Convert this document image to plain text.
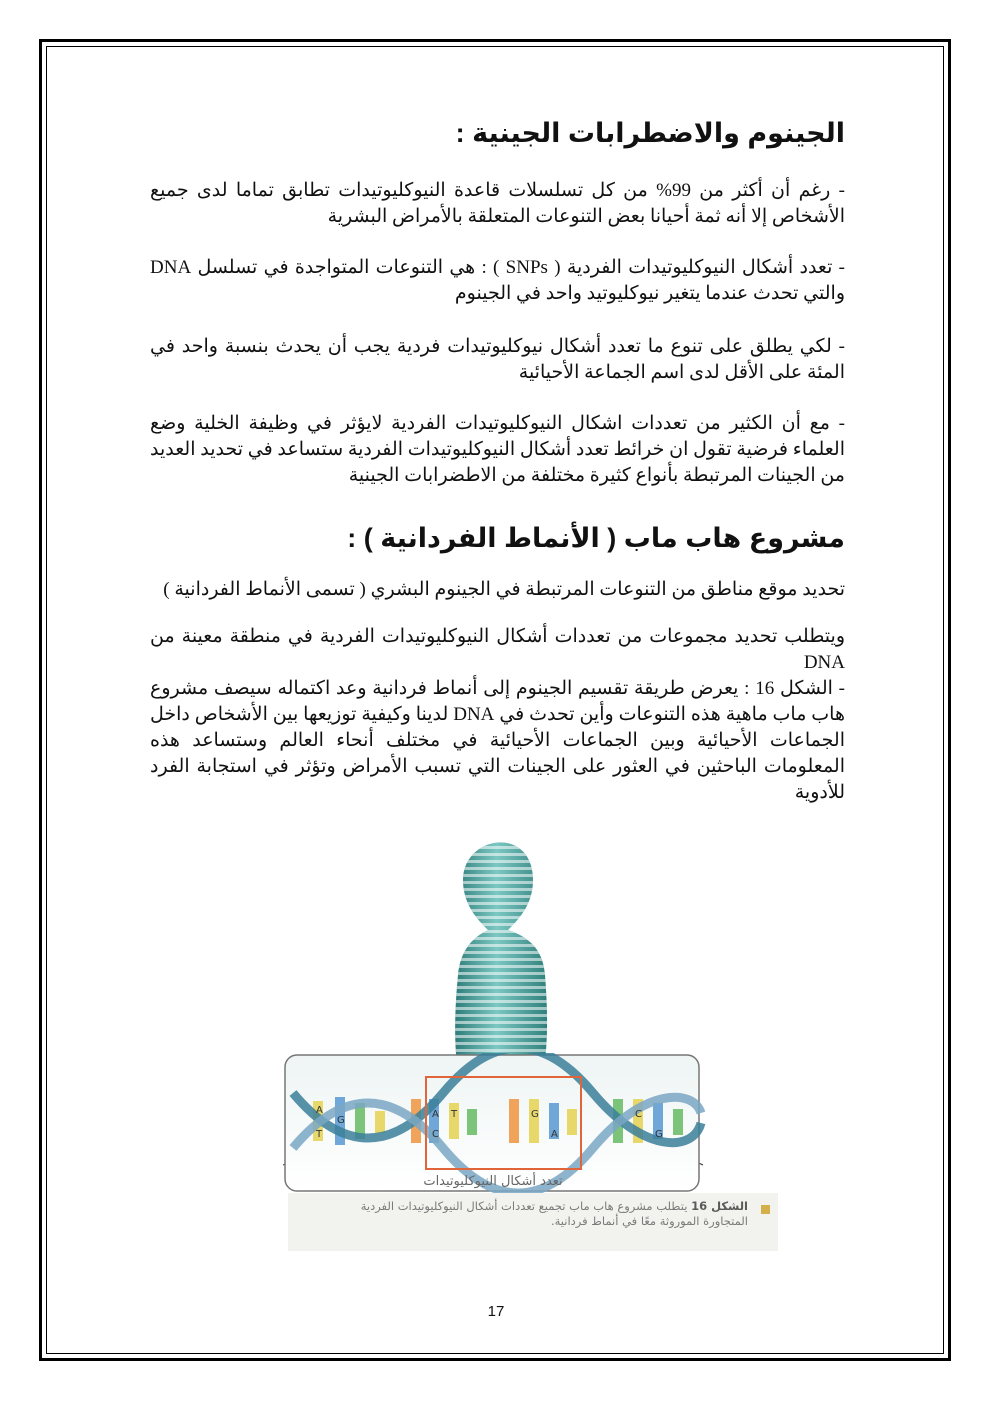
الجينوم والاضطرابات الجينية :

- رغم أن أكثر من 99% من كل تسلسلات قاعدة النيوكليوتيدات تطابق تماما لدى جميع الأشخاص إلا أنه ثمة أحيانا بعض التنوعات المتعلقة بالأمراض البشرية

- تعدد أشكال النيوكليوتيدات الفردية ( SNPs ) : هي التنوعات المتواجدة في تسلسل DNA والتي تحدث عندما يتغير نيوكليوتيد واحد في الجينوم

- لكي يطلق على تنوع ما تعدد أشكال نيوكليوتيدات فردية يجب أن يحدث بنسبة واحد في المئة على الأقل لدى اسم الجماعة الأحيائية

- مع أن الكثير من تعددات اشكال النيوكليوتيدات الفردية لايؤثر في وظيفة الخلية وضع العلماء فرضية تقول ان خرائط تعدد أشكال النيوكليوتيدات الفردية ستساعد في تحديد العديد من الجينات المرتبطة بأنواع كثيرة مختلفة من الاطضرابات الجينية

مشروع هاب ماب ( الأنماط الفردانية ) :

تحديد موقع مناطق من التنوعات المرتبطة في الجينوم البشري ( تسمى الأنماط الفردانية )

ويتطلب تحديد مجموعات من تعددات أشكال النيوكليوتيدات الفردية في منطقة معينة من DNA

- الشكل 16 : يعرض طريقة تقسيم الجينوم إلى أنماط فردانية وعد اكتماله سيصف مشروع هاب ماب ماهية هذه التنوعات وأين تحدث في DNA لدينا وكيفية توزيعها بين الأشخاص داخل الجماعات الأحيائية وبين الجماعات الأحيائية في مختلف أنحاء العالم وستساعد هذه المعلومات الباحثين في العثور على الجينات التي تسبب الأمراض وتؤثر في استجابة الفرد للأدوية

A
G
T
A T
C
G
A
C
G
تعدد أشكال النيوكليوتيدات
الشكل 16 يتطلب مشروع هاب ماب تجميع تعددات أشكال النيوكليوتيدات الفردية المتجاورة الموروثة معًا في أنماط فردانية.
17
